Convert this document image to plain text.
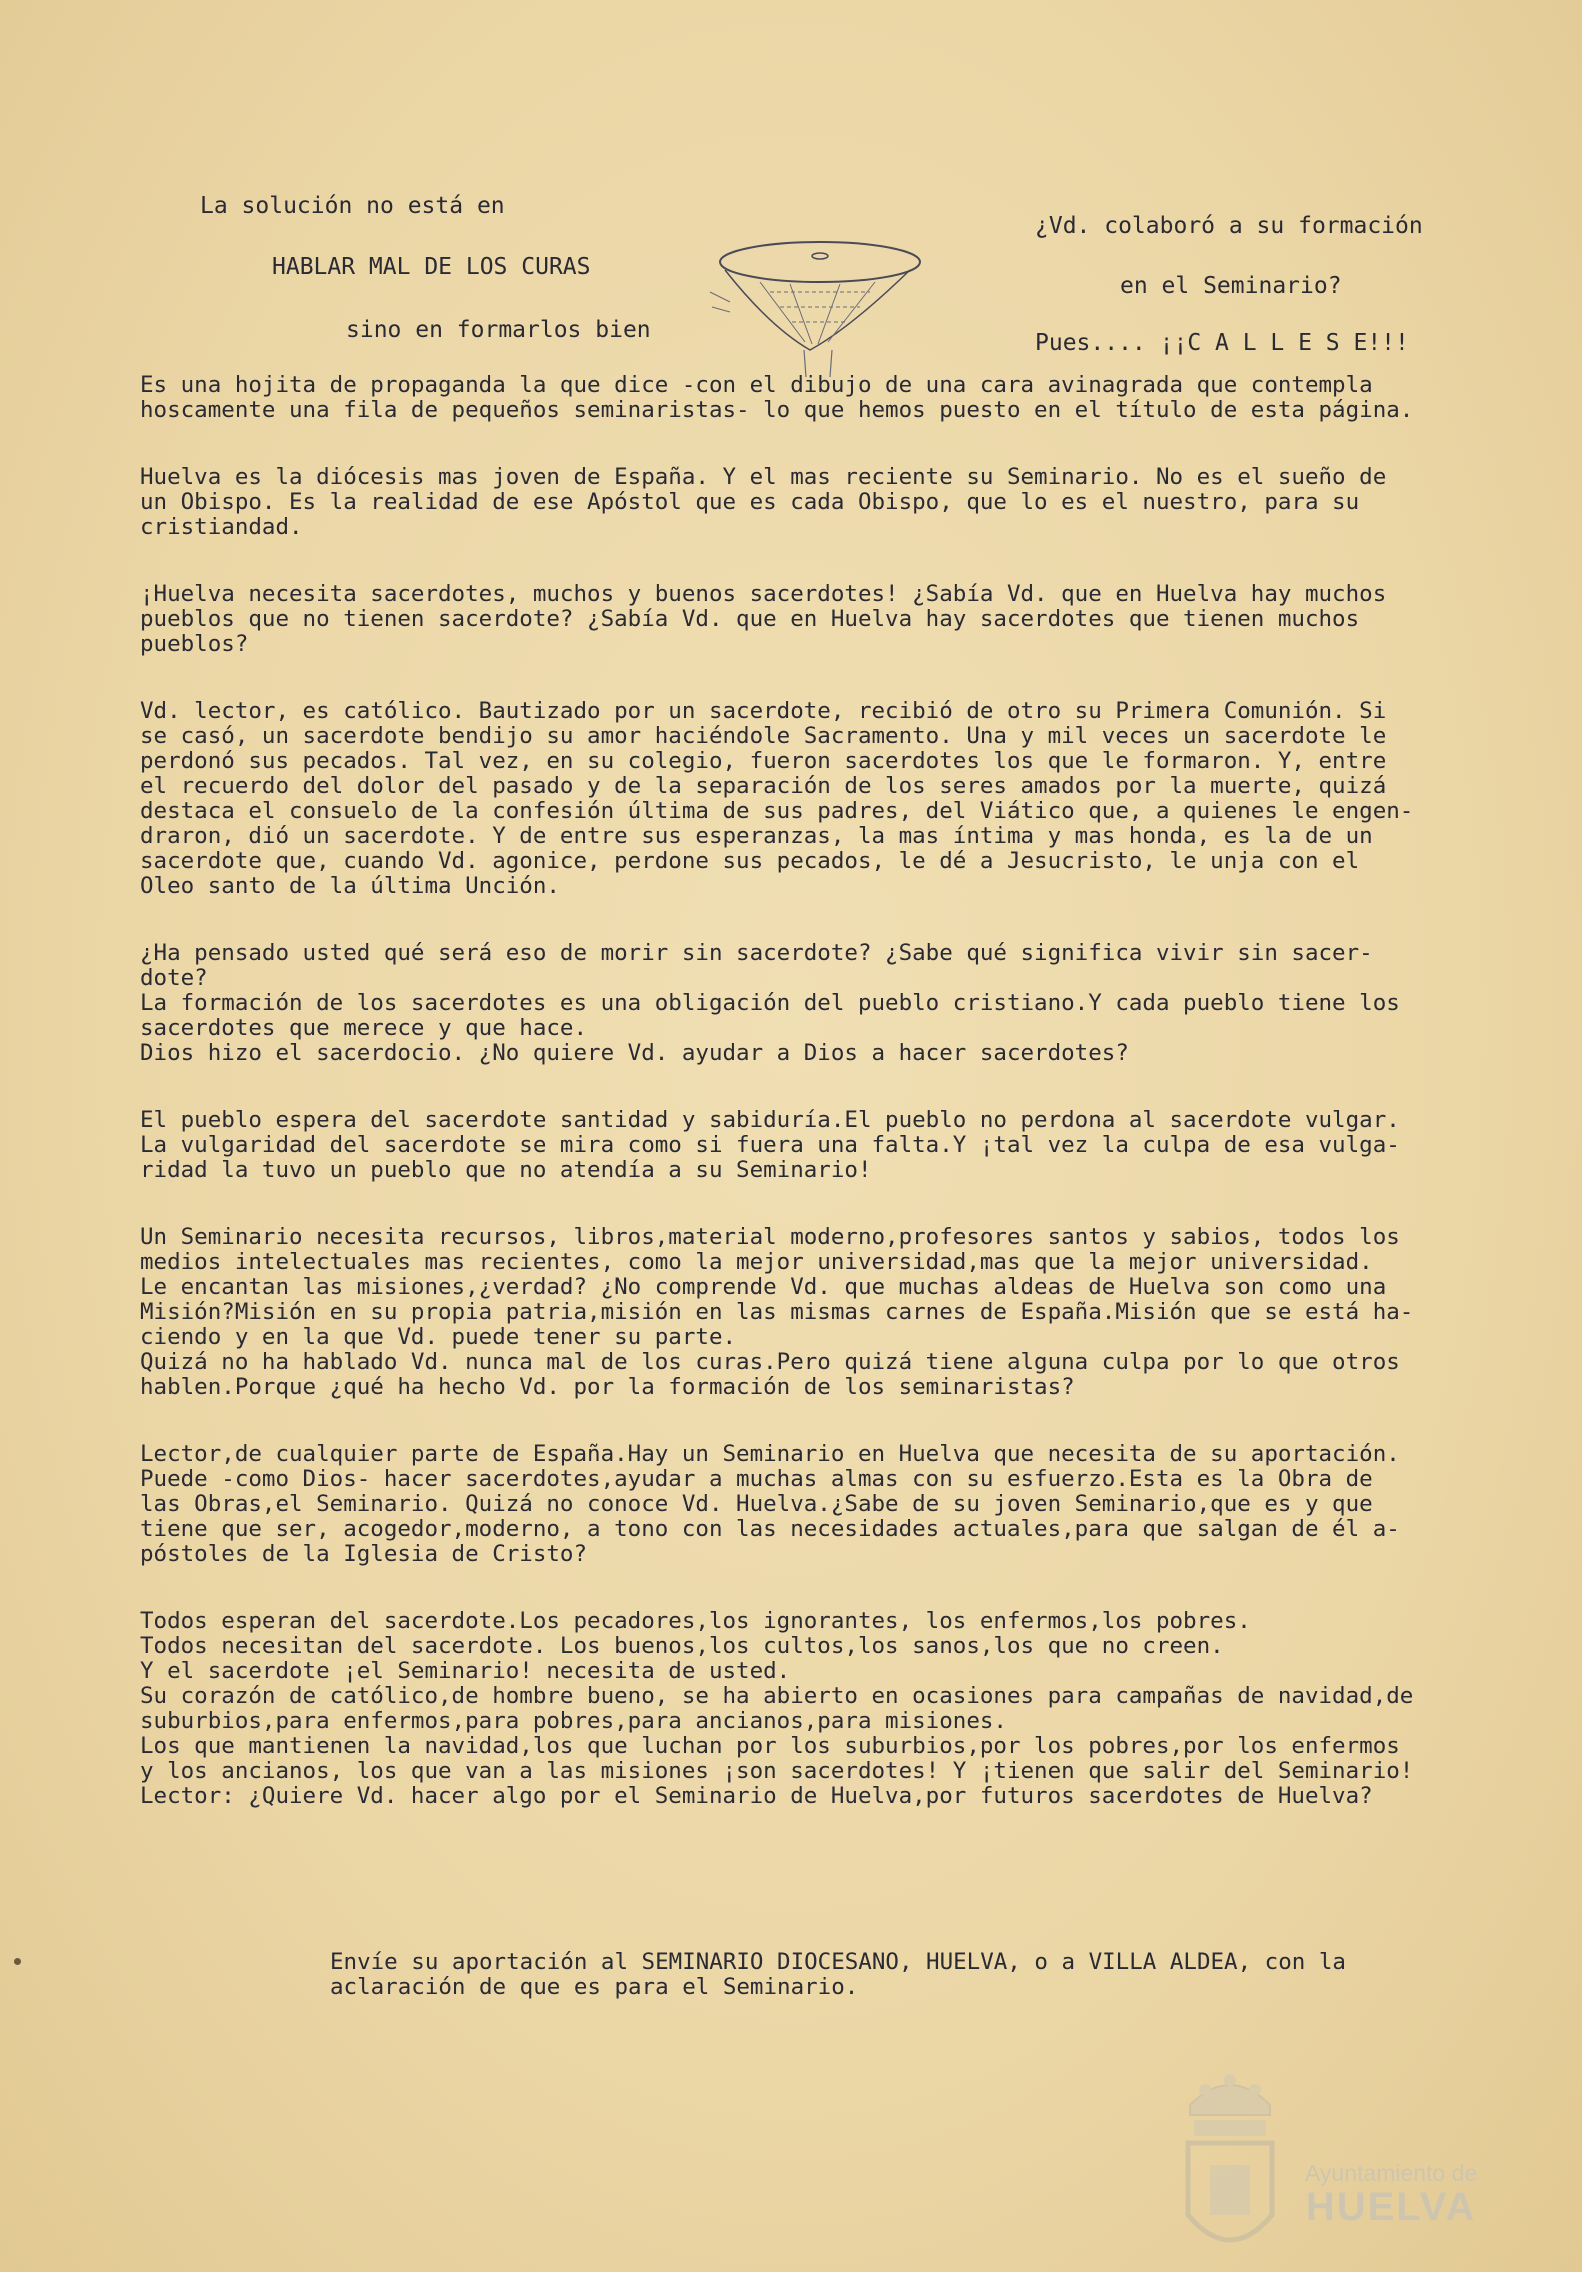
La solución no está en
HABLAR MAL DE LOS CURAS
sino en formarlos bien
¿Vd. colaboró a su formación
en el Seminario?
Pues.... ¡¡C A L L E S E!!!

Es una hojita de propaganda la que dice -con el dibujo de una cara avinagrada que contempla
hoscamente una fila de pequeños seminaristas- lo que hemos puesto en el título de esta página.

Huelva es la diócesis mas joven de España. Y el mas reciente su Seminario. No es el sueño de
un Obispo. Es la realidad de ese Apóstol que es cada Obispo, que lo es el nuestro, para su
cristiandad.

¡Huelva necesita sacerdotes, muchos y buenos sacerdotes! ¿Sabía Vd. que en Huelva hay muchos
pueblos que no tienen sacerdote? ¿Sabía Vd. que en Huelva hay sacerdotes que tienen muchos
pueblos?

Vd. lector, es católico. Bautizado por un sacerdote, recibió de otro su Primera Comunión. Si
se casó, un sacerdote bendijo su amor haciéndole Sacramento. Una y mil veces un sacerdote le
perdonó sus pecados. Tal vez, en su colegio, fueron sacerdotes los que le formaron. Y, entre
el recuerdo del dolor del pasado y de la separación de los seres amados por la muerte, quizá
destaca el consuelo de la confesión última de sus padres, del Viático que, a quienes le engen-
draron, dió un sacerdote. Y de entre sus esperanzas, la mas íntima y mas honda, es la de un
sacerdote que, cuando Vd. agonice, perdone sus pecados, le dé a Jesucristo, le unja con el
Oleo santo de la última Unción.

¿Ha pensado usted qué será eso de morir sin sacerdote? ¿Sabe qué significa vivir sin sacer-
dote?
La formación de los sacerdotes es una obligación del pueblo cristiano.Y cada pueblo tiene los
sacerdotes que merece y que hace.
Dios hizo el sacerdocio. ¿No quiere Vd. ayudar a Dios a hacer sacerdotes?

El pueblo espera del sacerdote santidad y sabiduría.El pueblo no perdona al sacerdote vulgar.
La vulgaridad del sacerdote se mira como si fuera una falta.Y ¡tal vez la culpa de esa vulga-
ridad la tuvo un pueblo que no atendía a su Seminario!

Un Seminario necesita recursos, libros,material moderno,profesores santos y sabios, todos los
medios intelectuales mas recientes, como la mejor universidad,mas que la mejor universidad.
Le encantan las misiones,¿verdad? ¿No comprende Vd. que muchas aldeas de Huelva son como una
Misión?Misión en su propia patria,misión en las mismas carnes de España.Misión que se está ha-
ciendo y en la que Vd. puede tener su parte.
Quizá no ha hablado Vd. nunca mal de los curas.Pero quizá tiene alguna culpa por lo que otros
hablen.Porque ¿qué ha hecho Vd. por la formación de los seminaristas?

Lector,de cualquier parte de España.Hay un Seminario en Huelva que necesita de su aportación.
Puede -como Dios- hacer sacerdotes,ayudar a muchas almas con su esfuerzo.Esta es la Obra de
las Obras,el Seminario. Quizá no conoce Vd. Huelva.¿Sabe de su joven Seminario,que es y que
tiene que ser, acogedor,moderno, a tono con las necesidades actuales,para que salgan de él a-
póstoles de la Iglesia de Cristo?

Todos esperan del sacerdote.Los pecadores,los ignorantes, los enfermos,los pobres.
Todos necesitan del sacerdote. Los buenos,los cultos,los sanos,los que no creen.
Y el sacerdote ¡el Seminario! necesita de usted.
Su corazón de católico,de hombre bueno, se ha abierto en ocasiones para campañas de navidad,de
suburbios,para enfermos,para pobres,para ancianos,para misiones.
Los que mantienen la navidad,los que luchan por los suburbios,por los pobres,por los enfermos
y los ancianos, los que van a las misiones ¡son sacerdotes! Y ¡tienen que salir del Seminario!
Lector: ¿Quiere Vd. hacer algo por el Seminario de Huelva,por futuros sacerdotes de Huelva?

Envíe su aportación al SEMINARIO DIOCESANO, HUELVA, o a VILLA ALDEA, con la
aclaración de que es para el Seminario.
Ayuntamiento de
HUELVA
